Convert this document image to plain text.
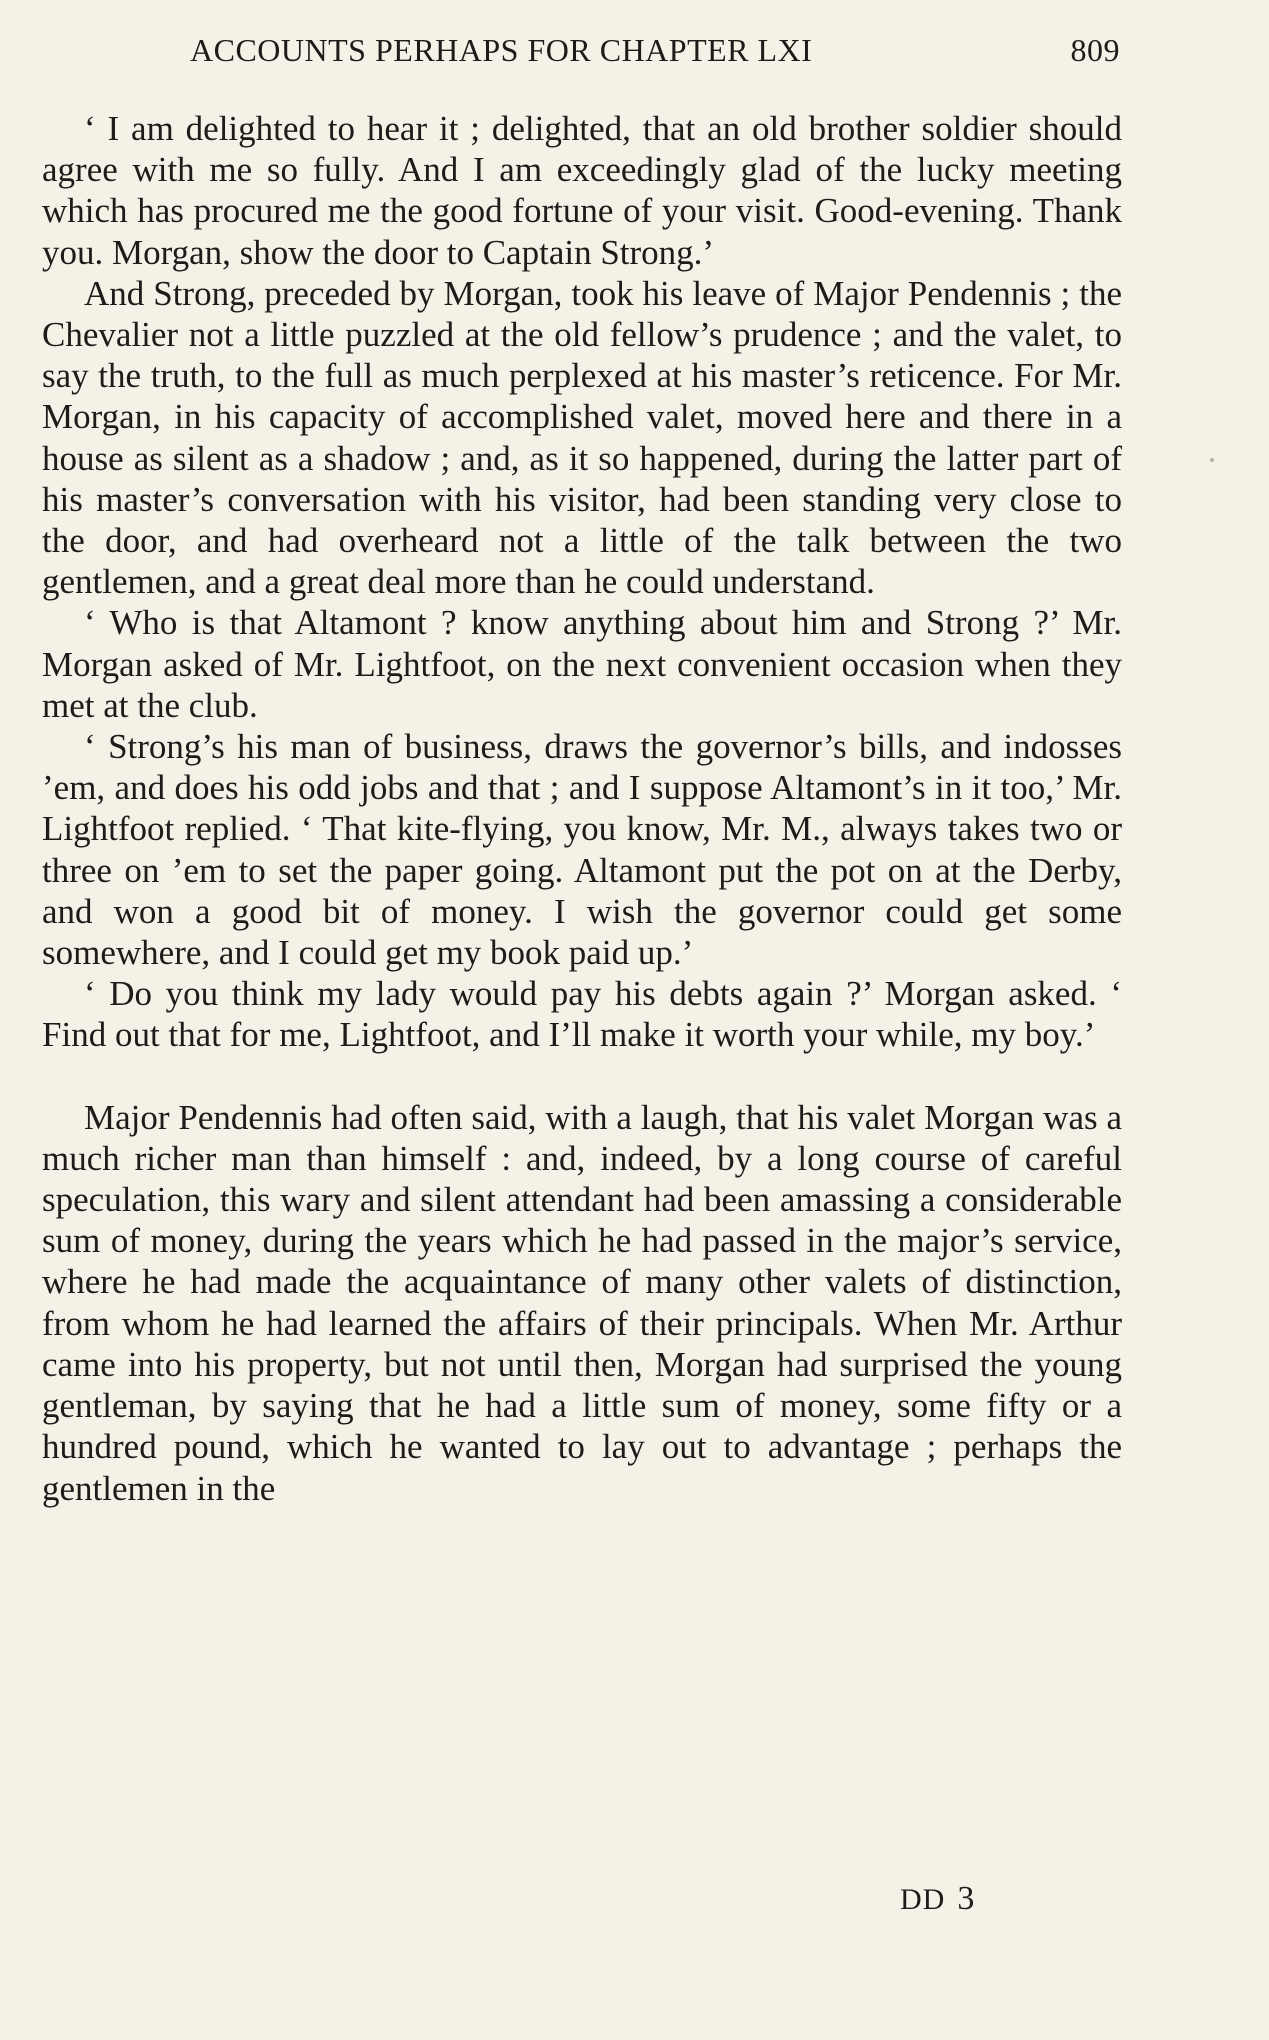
ACCOUNTS PERHAPS FOR CHAPTER LXI	809

‘ I am delighted to hear it ; delighted, that an old brother soldier should agree with me so fully. And I am exceedingly glad of the lucky meeting which has procured me the good fortune of your visit. Good-evening. Thank you. Morgan, show the door to Captain Strong.’

And Strong, preceded by Morgan, took his leave of Major Pendennis ; the Chevalier not a little puzzled at the old fellow’s prudence ; and the valet, to say the truth, to the full as much perplexed at his master’s reticence. For Mr. Morgan, in his capacity of accomplished valet, moved here and there in a house as silent as a shadow ; and, as it so happened, during the latter part of his master’s conversation with his visitor, had been standing very close to the door, and had overheard not a little of the talk between the two gentlemen, and a great deal more than he could understand.

‘ Who is that Altamont ? know anything about him and Strong ?’ Mr. Morgan asked of Mr. Lightfoot, on the next convenient occasion when they met at the club.

‘ Strong’s his man of business, draws the governor’s bills, and indosses ’em, and does his odd jobs and that ; and I suppose Altamont’s in it too,’ Mr. Lightfoot replied. ‘ That kite-flying, you know, Mr. M., always takes two or three on ’em to set the paper going. Altamont put the pot on at the Derby, and won a good bit of money. I wish the governor could get some somewhere, and I could get my book paid up.’

‘ Do you think my lady would pay his debts again ?’ Morgan asked. ‘ Find out that for me, Lightfoot, and I’ll make it worth your while, my boy.’

Major Pendennis had often said, with a laugh, that his valet Morgan was a much richer man than himself : and, indeed, by a long course of careful speculation, this wary and silent attendant had been amassing a considerable sum of money, during the years which he had passed in the major’s service, where he had made the acquaintance of many other valets of distinction, from whom he had learned the affairs of their principals. When Mr. Arthur came into his property, but not until then, Morgan had surprised the young gentleman, by saying that he had a little sum of money, some fifty or a hundred pound, which he wanted to lay out to advantage ; perhaps the gentlemen in the

DD 3
